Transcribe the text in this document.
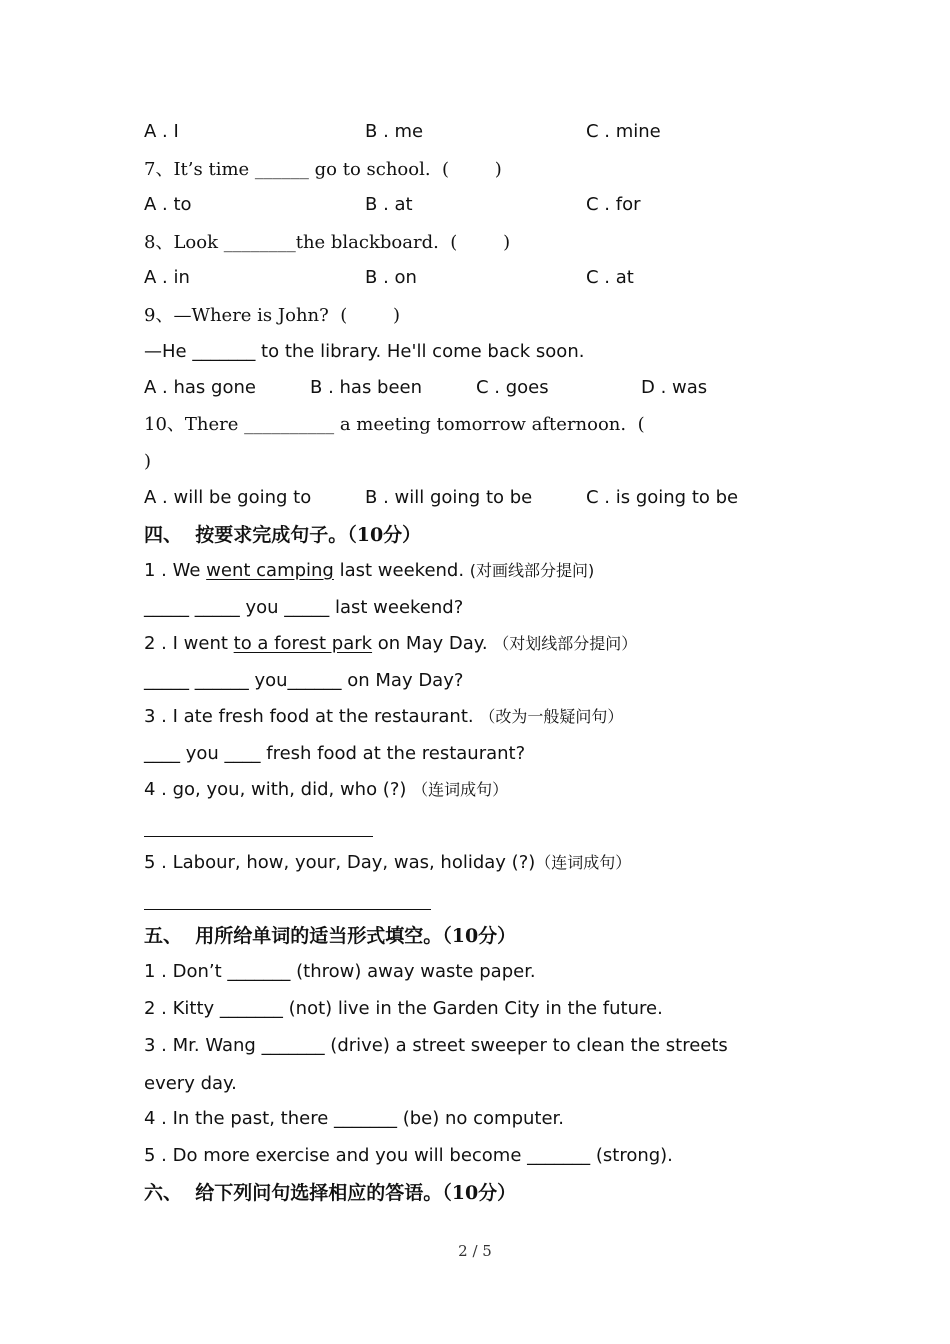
A . I	B . me	C . mine
7、It’s time ______ go to school.  (        )
A . to	B . at	C . for
8、Look ________the blackboard.  (        )
A . in	B . on	C . at
9、—Where is John?  (        )
—He _______ to the library. He'll come back soon.
A . has gone	B . has been	C . goes	D . was
10、There __________ a meeting tomorrow afternoon.  (
)
A . will be going to	B . will going to be	C . is going to be
四、  按要求完成句子。（10分）
1 . We went camping last weekend. (对画线部分提问)
_____ _____ you _____ last weekend?
2 . I went to a forest park on May Day. （对划线部分提问）
_____ ______ you______ on May Day?
3 . I ate fresh food at the restaurant. （改为一般疑问句）
____ you ____ fresh food at the restaurant?
4 . go, you, with, did, who (?) （连词成句）
5 . Labour, how, your, Day, was, holiday (?)（连词成句）
五、  用所给单词的适当形式填空。（10分）
1 . Don’t _______ (throw) away waste paper.
2 . Kitty _______ (not) live in the Garden City in the future.
3 . Mr. Wang _______ (drive) a street sweeper to clean the streets
every day.
4 . In the past, there _______ (be) no computer.
5 . Do more exercise and you will become _______ (strong).
六、  给下列问句选择相应的答语。（10分）
2 / 5
